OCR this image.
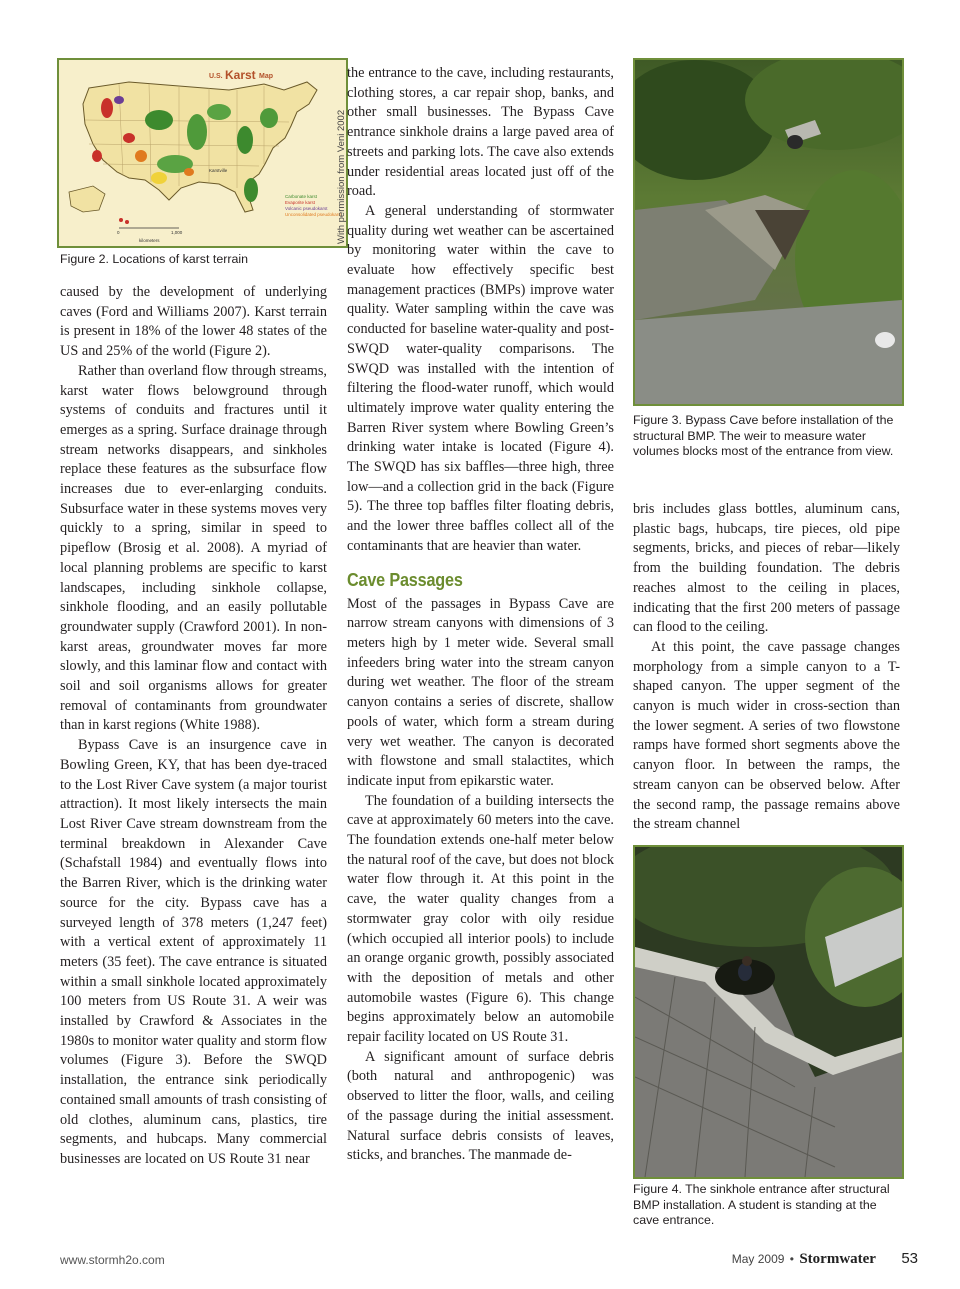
U.S. Karst Map
Karstville
Carbonate karst
Evaporite karst
Volcanic pseudokarst
Unconsolidated pseudokarst
0	1,000
kilometers	With permission from Veni 2002
Figure 2. Locations of karst terrain

caused by the development of underlying caves (Ford and Williams 2007). Karst terrain is present in 18% of the lower 48 states of the US and 25% of the world (Figure 2).

Rather than overland flow through streams, karst water flows belowground through systems of conduits and fractures until it emerges as a spring. Surface drainage through stream networks disappears, and sinkholes replace these features as the subsurface flow increases due to ever-enlarging conduits. Subsurface water in these systems moves very quickly to a spring, similar in speed to pipeflow (Brosig et al. 2008). A myriad of local planning problems are specific to karst landscapes, including sinkhole collapse, sinkhole flooding, and an easily pollutable groundwater supply (Crawford 2001). In non-karst areas, groundwater moves far more slowly, and this laminar flow and contact with soil and soil organisms allows for greater removal of contaminants from groundwater than in karst regions (White 1988).

Bypass Cave is an insurgence cave in Bowling Green, KY, that has been dye-traced to the Lost River Cave system (a major tourist attraction). It most likely intersects the main Lost River Cave stream downstream from the terminal breakdown in Alexander Cave (Schafstall 1984) and eventually flows into the Barren River, which is the drinking water source for the city. Bypass cave has a surveyed length of 378 meters (1,247 feet) with a vertical extent of approximately 11 meters (35 feet). The cave entrance is situated within a small sinkhole located approximately 100 meters from US Route 31. A weir was installed by Crawford & Associates in the 1980s to monitor water quality and storm flow volumes (Figure 3). Before the SWQD installation, the entrance sink periodically contained small amounts of trash consisting of old clothes, aluminum cans, plastics, tire segments, and hubcaps. Many commercial businesses are located on US Route 31 near

the entrance to the cave, including restaurants, clothing stores, a car repair shop, banks, and other small businesses. The Bypass Cave entrance sinkhole drains a large paved area of streets and parking lots. The cave also extends under residential areas located just off of the road.

A general understanding of stormwater quality during wet weather can be ascertained by monitoring water within the cave to evaluate how effectively specific best management practices (BMPs) improve water quality. Water sampling within the cave was conducted for baseline water-quality and post-SWQD water-quality comparisons. The SWQD was installed with the intention of filtering the flood-water runoff, which would ultimately improve water quality entering the Barren River system where Bowling Green’s drinking water intake is located (Figure 4). The SWQD has six baffles—three high, three low—and a collection grid in the back (Figure 5). The three top baffles filter floating debris, and the lower three baffles collect all of the contaminants that are heavier than water.

Cave Passages

Most of the passages in Bypass Cave are narrow stream canyons with dimensions of 3 meters high by 1 meter wide. Several small infeeders bring water into the stream canyon during wet weather. The floor of the stream canyon contains a series of discrete, shallow pools of water, which form a stream during very wet weather. The canyon is decorated with flowstone and small stalactites, which indicate input from epikarstic water.

The foundation of a building intersects the cave at approximately 60 meters into the cave. The foundation extends one-half meter below the natural roof of the cave, but does not block water flow through it. At this point in the cave, the water quality changes from a stormwater gray color with oily residue (which occupied all interior pools) to include an orange organic growth, possibly associated with the deposition of metals and other automobile wastes (Figure 6). This change begins approximately below an automobile repair facility located on US Route 31.

A significant amount of surface debris (both natural and anthropogenic) was observed to litter the floor, walls, and ceiling of the passage during the initial assessment. Natural surface debris consists of leaves, sticks, and branches. The manmade de-

Figure 3. Bypass Cave before installation of the structural BMP. The weir to measure water volumes blocks most of the entrance from view.

bris includes glass bottles, aluminum cans, plastic bags, hubcaps, tire pieces, old pipe segments, bricks, and pieces of rebar—likely from the building foundation. The debris reaches almost to the ceiling in places, indicating that the first 200 meters of passage can flood to the ceiling.

At this point, the cave passage changes morphology from a simple canyon to a T-shaped canyon. The upper segment of the canyon is much wider in cross-section than the lower segment. A series of two flowstone ramps have formed short segments above the canyon floor. In between the ramps, the stream canyon can be observed below. After the second ramp, the passage remains above the stream channel

Figure 4. The sinkhole entrance after structural BMP installation. A student is standing at the cave entrance.
www.stormh2o.com	May 2009 • Stormwater 53
